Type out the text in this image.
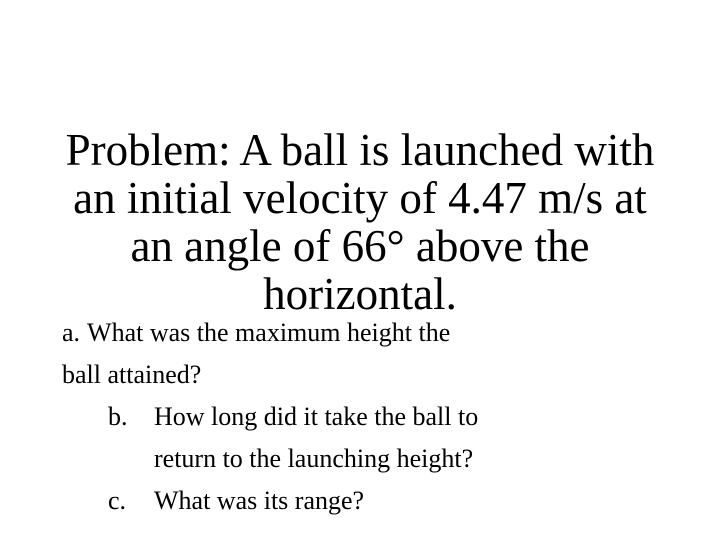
Problem: A ball is launched with
an initial velocity of 4.47 m/s at
an angle of 66° above the
horizontal.
a. What was the maximum height the
ball attained?
b. How long did it take the ball to
return to the launching height?
c. What was its range?
